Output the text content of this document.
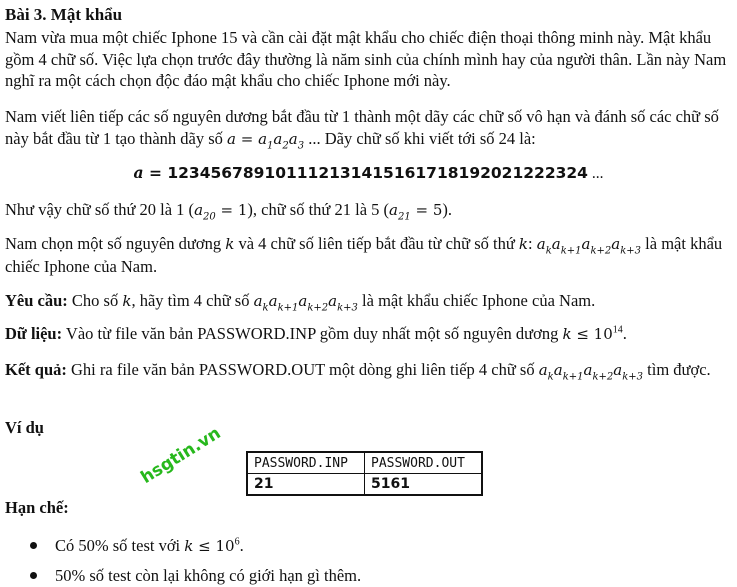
Bài 3. Mật khẩu
Nam vừa mua một chiếc Iphone 15 và cần cài đặt mật khẩu cho chiếc điện thoại thông minh này. Mật khẩu gồm 4 chữ số. Việc lựa chọn trước đây thường là năm sinh của chính mình hay của người thân. Lần này Nam nghĩ ra một cách chọn độc đáo mật khẩu cho chiếc Iphone mới này.
Nam viết liên tiếp các số nguyên dương bắt đầu từ 1 thành một dãy các chữ số vô hạn và đánh số các chữ số này bắt đầu từ 1 tạo thành dãy số $a = a_1a_2a_3$ ... Dãy chữ số khi viết tới số 24 là:
a = 123456789101112131415161718192021222324 ...
Như vậy chữ số thứ 20 là 1 $(a_{20} = 1)$, chữ số thứ 21 là 5 $(a_{21} = 5)$.
Nam chọn một số nguyên dương k và 4 chữ số liên tiếp bắt đầu từ chữ số thứ k: $a_ka_{k+1}a_{k+2}a_{k+3}$ là mật khẩu chiếc Iphone của Nam.
Yêu cầu: Cho số k, hãy tìm 4 chữ số $a_ka_{k+1}a_{k+2}a_{k+3}$ là mật khẩu chiếc Iphone của Nam.
Dữ liệu: Vào từ file văn bản PASSWORD.INP gồm duy nhất một số nguyên dương $k \le 10^{14}$.
Kết quả: Ghi ra file văn bản PASSWORD.OUT một dòng ghi liên tiếp 4 chữ số $a_ka_{k+1}a_{k+2}a_{k+3}$ tìm được.
Ví dụ
PASSWORD.INP	PASSWORD.OUT
21	5161
hsgtin.vn
Hạn chế:
Có 50% số test với $k \le 10^6$.
50% số test còn lại không có giới hạn gì thêm.
